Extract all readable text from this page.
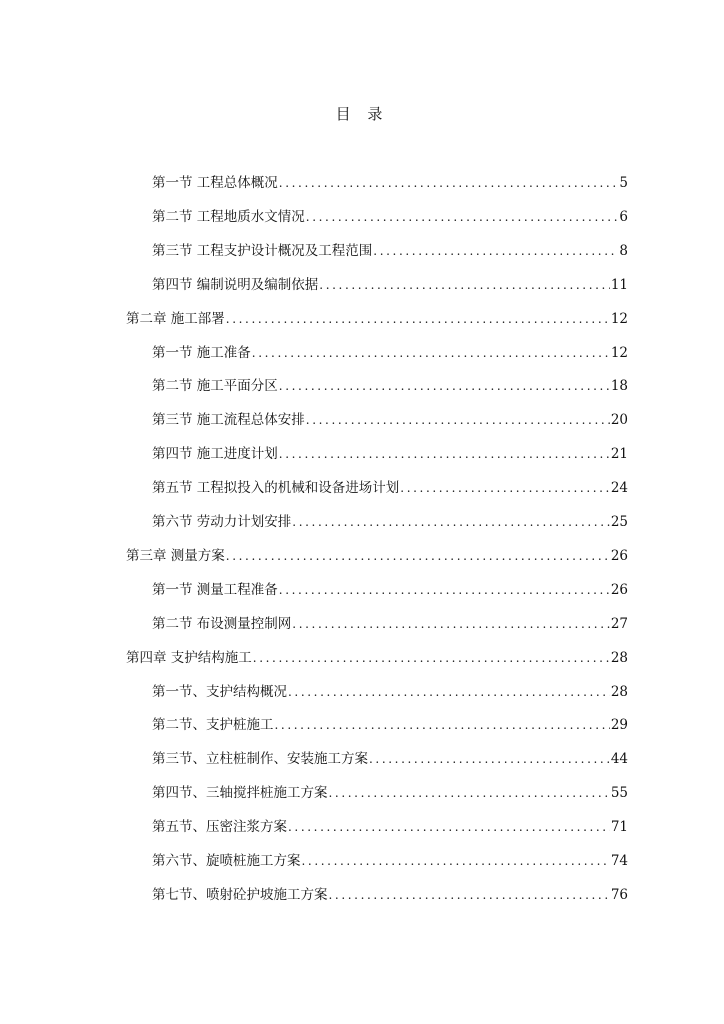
目 录
第一节 工程总体概况 .....	5
第二节 工程地质水文情况 .....	6
第三节 工程支护设计概况及工程范围 .....	8
第四节 编制说明及编制依据 .....	11
第二章 施工部署 .....	12
第一节 施工准备 .....	12
第二节 施工平面分区 .....	18
第三节 施工流程总体安排 .....	20
第四节 施工进度计划 .....	21
第五节 工程拟投入的机械和设备进场计划 .....	24
第六节 劳动力计划安排 .....	25
第三章 测量方案 .....	26
第一节 测量工程准备 .....	26
第二节 布设测量控制网 .....	27
第四章 支护结构施工 .....	28
第一节、支护结构概况 .....	28
第二节、支护桩施工 .....	29
第三节、立柱桩制作、安装施工方案 .....	44
第四节、三轴搅拌桩施工方案 .....	55
第五节、压密注浆方案 .....	71
第六节、旋喷桩施工方案 .....	74
第七节、喷射砼护坡施工方案 .....	76
